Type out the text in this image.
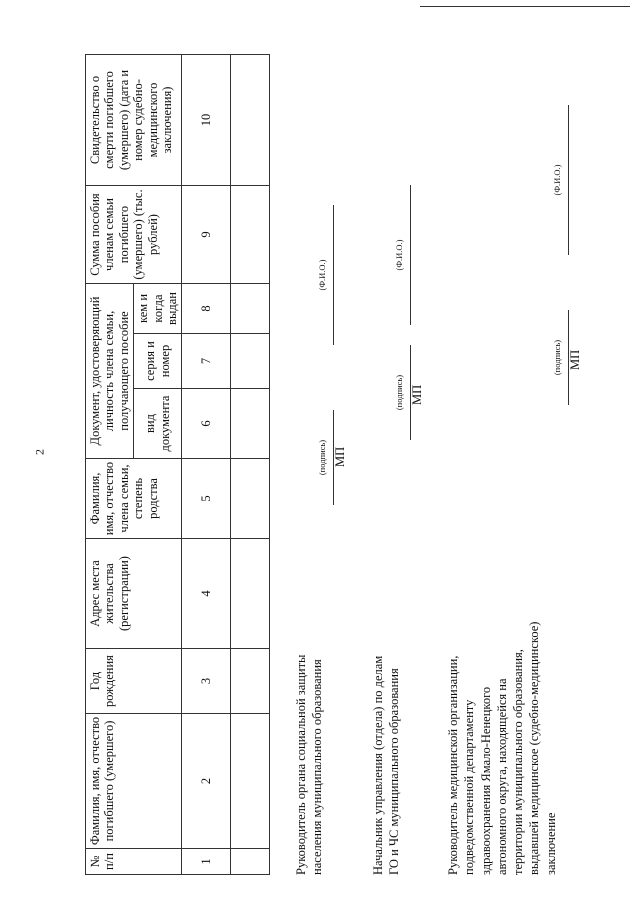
2
№ п/п	Фамилия, имя, отчество погибшего (умершего)	Год рождения	Адрес места жительства (регистрации)	Фамилия, имя, отчество члена семьи, степень родства	Документ, удостоверяющий личность члена семьи, получающего пособие			Сумма пособия членам семьи погибшего (умершего) (тыс. рублей)	Свидетельство о смерти погибшего (умершего) (дата и номер судебно-медицинского заключения)
					вид документа	серия и номер	кем и когда выдан		
1	2	3	4	5	6	7	8	9	10

Руководитель органа социальной защиты
населения муниципального образования
(подпись) МП
(Ф.И.О.)
Начальник управления (отдела) по делам
ГО и ЧС муниципального образования
(подпись) МП
(Ф.И.О.)
Руководитель медицинской организации,
подведомственной департаменту
здравоохранения Ямало-Ненецкого
автономного округа, находящейся на
территории муниципального образования,
выдавшей медицинское (судебно-медицинское)
заключение
(подпись) МП
(Ф.И.О.)
